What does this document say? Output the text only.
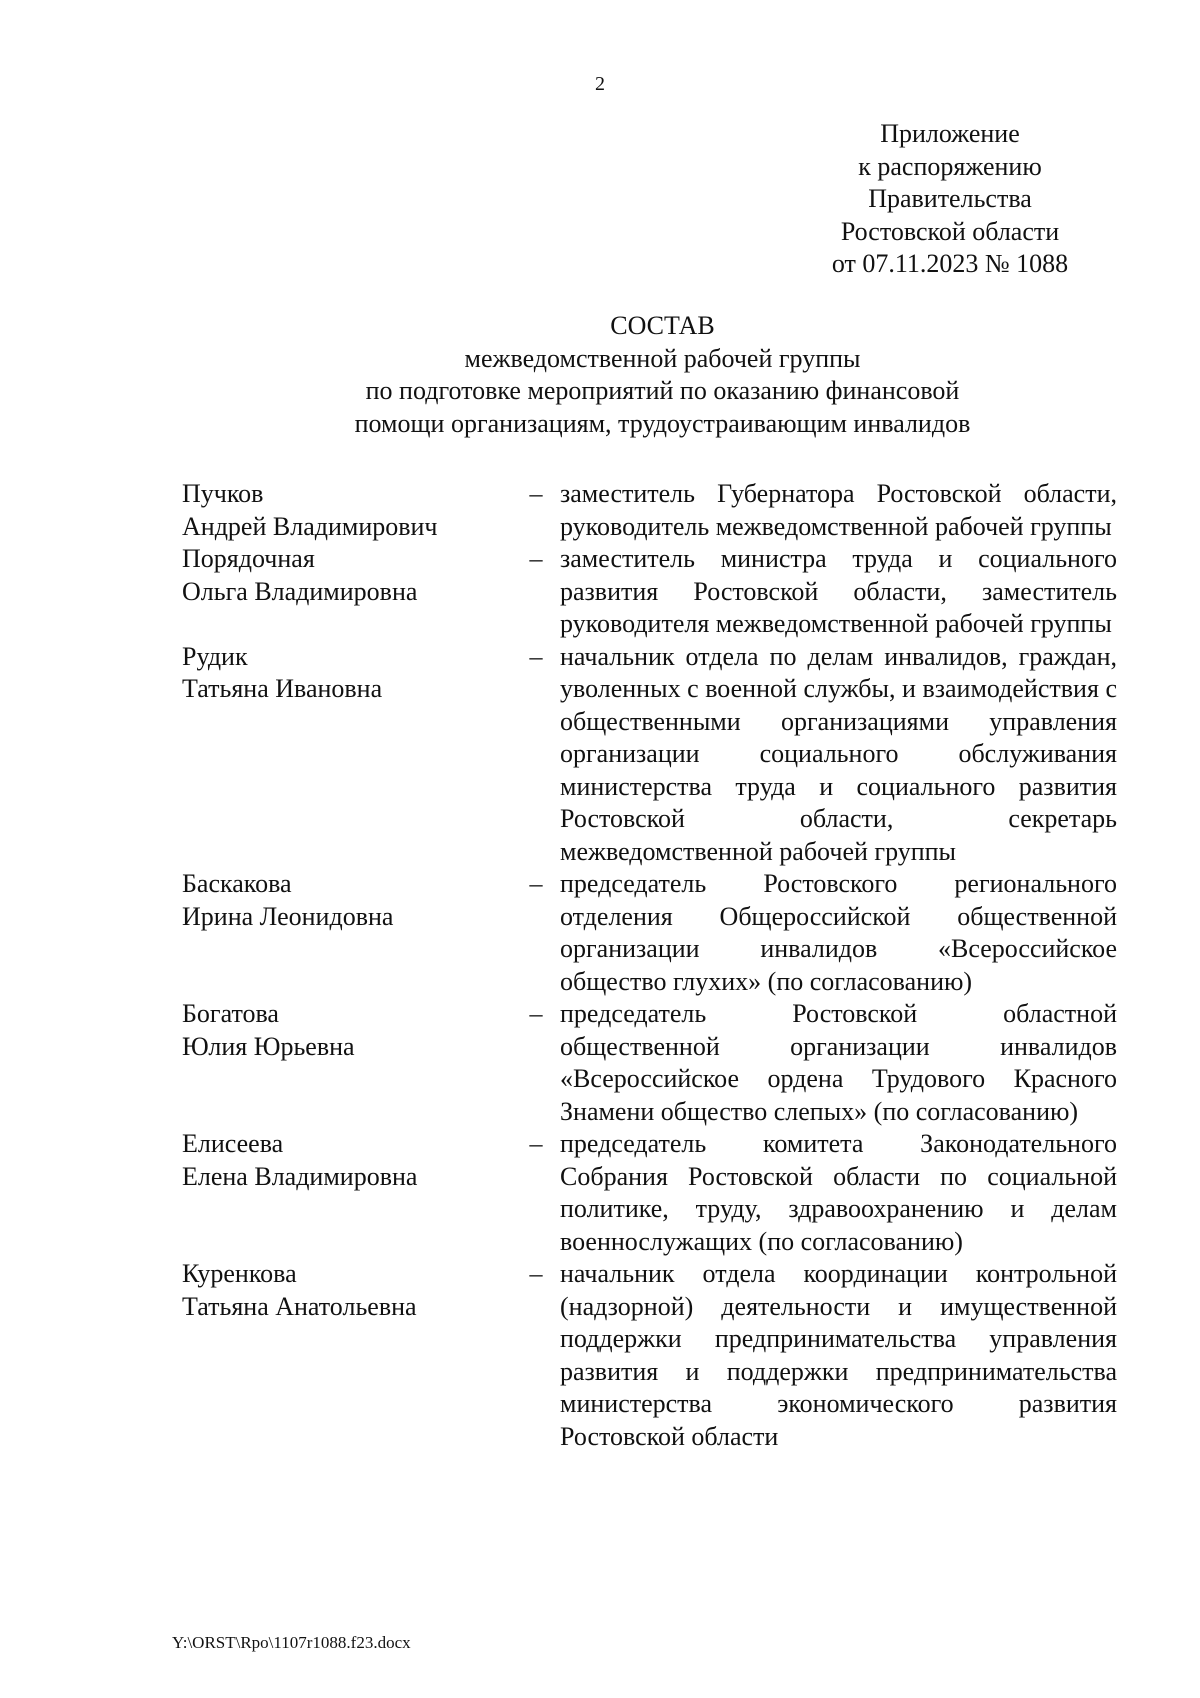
2
Приложение
к распоряжению
Правительства
Ростовской области
от 07.11.2023 № 1088
СОСТАВ
межведомственной рабочей группы
по подготовке мероприятий по оказанию финансовой
помощи организациям, трудоустраивающим инвалидов
Пучков
Андрей Владимирович
– заместитель Губернатора Ростовской области, руководитель межведомственной рабочей группы
Порядочная
Ольга Владимировна
– заместитель министра труда и социального развития Ростовской области, заместитель руководителя межведомственной рабочей группы
Рудик
Татьяна Ивановна
– начальник отдела по делам инвалидов, граждан, уволенных с военной службы, и взаимодействия с общественными организациями управления организации социального обслуживания министерства труда и социального развития Ростовской области, секретарь межведомственной рабочей группы
Баскакова
Ирина Леонидовна
– председатель Ростовского регионального отделения Общероссийской общественной организации инвалидов «Всероссийское общество глухих» (по согласованию)
Богатова
Юлия Юрьевна
– председатель Ростовской областной общественной организации инвалидов «Всероссийское ордена Трудового Красного Знамени общество слепых» (по согласованию)
Елисеева
Елена Владимировна
– председатель комитета Законодательного Собрания Ростовской области по социальной политике, труду, здравоохранению и делам военнослужащих (по согласованию)
Куренкова
Татьяна Анатольевна
– начальник отдела координации контрольной (надзорной) деятельности и имущественной поддержки предпринимательства управления развития и поддержки предпринимательства министерства экономического развития Ростовской области
Y:\ORST\Rpo\1107r1088.f23.docx
